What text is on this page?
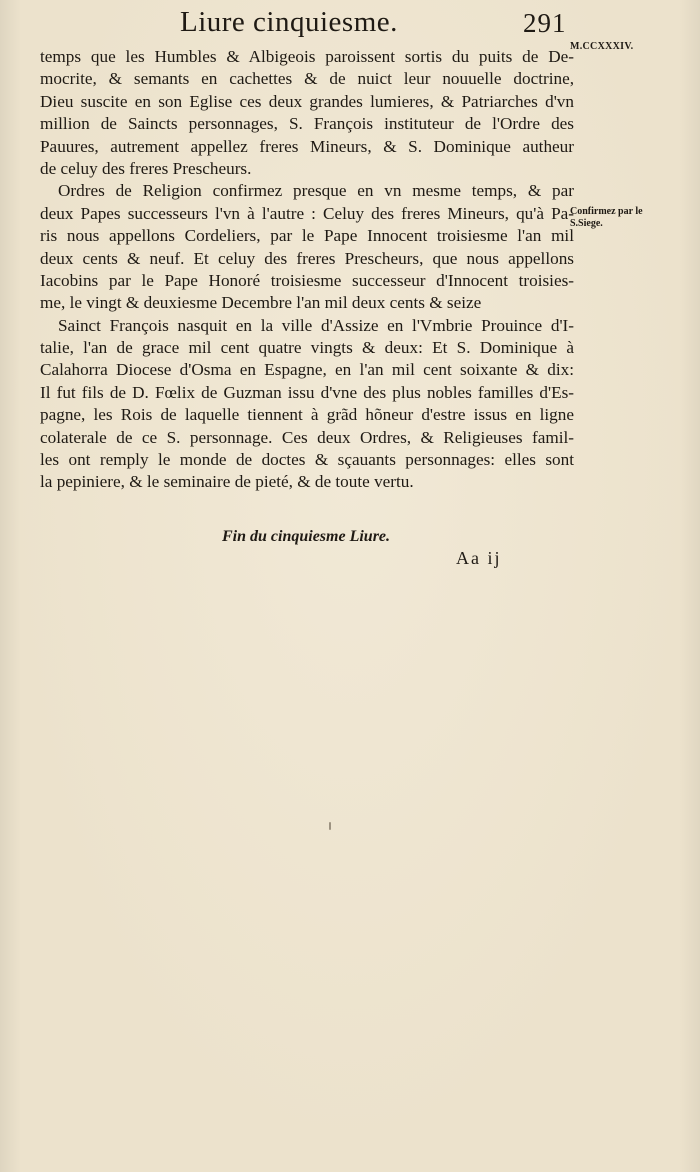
Liure cinquiesme.	291
M.CCXXXIV.
Confirmez par le
S.Siege.
temps que les Humbles & Albigeois paroissent sortis du puits de De-
mocrite, & semants en cachettes & de nuict leur nouuelle doctrine,
Dieu suscite en son Eglise ces deux grandes lumieres, & Patriarches d'vn
million de Saincts personnages, S. François instituteur de l'Ordre des
Pauures, autrement appellez freres Mineurs, & S. Dominique autheur
de celuy des freres Prescheurs.
Ordres de Religion confirmez presque en vn mesme temps, & par
deux Papes successeurs l'vn à l'autre : Celuy des freres Mineurs, qu'à Pa-
ris nous appellons Cordeliers, par le Pape Innocent troisiesme l'an mil
deux cents & neuf. Et celuy des freres Prescheurs, que nous appellons
Iacobins par le Pape Honoré troisiesme successeur d'Innocent troisies-
me, le vingt & deuxiesme Decembre l'an mil deux cents & seize
Sainct François nasquit en la ville d'Assize en l'Vmbrie Prouince d'I-
talie, l'an de grace mil cent quatre vingts & deux: Et S. Dominique à
Calahorra Diocese d'Osma en Espagne, en l'an mil cent soixante & dix:
Il fut fils de D. Fœlix de Guzman issu d'vne des plus nobles familles d'Es-
pagne, les Rois de laquelle tiennent à grãd hõneur d'estre issus en ligne
colaterale de ce S. personnage. Ces deux Ordres, & Religieuses famil-
les ont remply le monde de doctes & sçauants personnages: elles sont
la pepiniere, & le seminaire de pieté, & de toute vertu.
Fin du cinquiesme Liure.
Aa ij
